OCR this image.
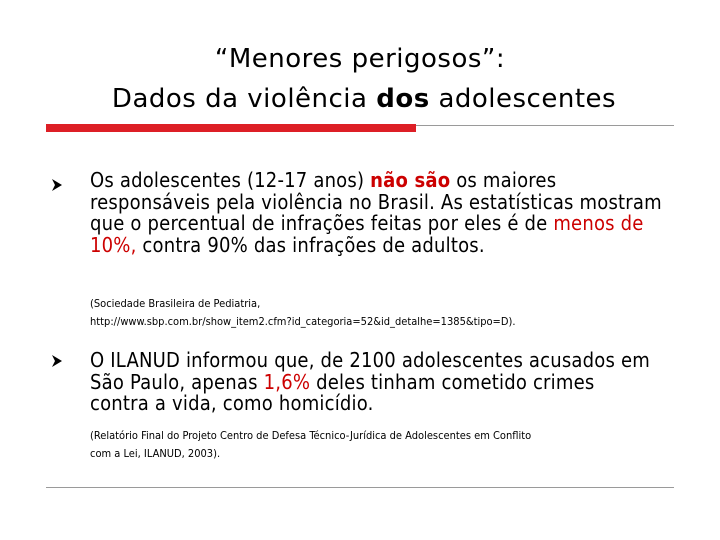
“Menores perigosos”:
Dados da violência dos adolescentes
Os adolescentes (12-17 anos) não são os maiores responsáveis pela violência no Brasil. As estatísticas mostram que o percentual de infrações feitas por eles é de menos de 10%, contra 90% das infrações de adultos.
(Sociedade Brasileira de Pediatria,
http://www.sbp.com.br/show_item2.cfm?id_categoria=52&id_detalhe=1385&tipo=D).
O ILANUD informou que, de 2100 adolescentes acusados em São Paulo, apenas 1,6% deles tinham cometido crimes contra a vida, como homicídio.
(Relatório Final do Projeto Centro de Defesa Técnico-Jurídica de Adolescentes em Conflito
com a Lei, ILANUD, 2003).
